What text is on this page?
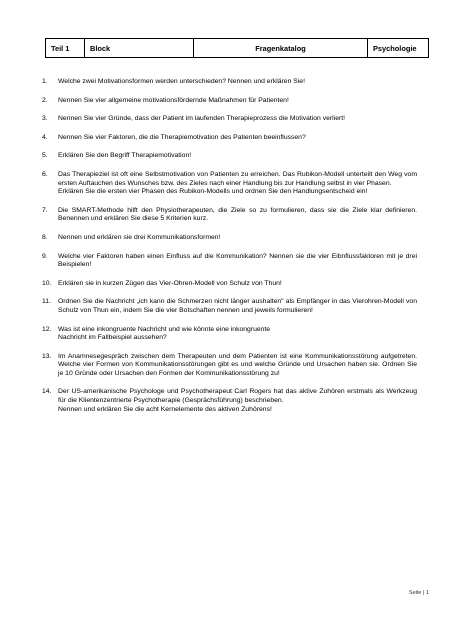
Teil 1	Block	Fragenkatalog	Psychologie
1. Welche zwei Motivationsformen werden unterschieden? Nennen und erklären Sie!
2. Nennen Sie vier allgemeine motivationsfördernde Maßnahmen für Patienten!
3. Nennen Sie vier Gründe, dass der Patient im laufenden Therapieprozess die Motivation verliert!
4. Nennen Sie vier Faktoren, die die Therapiemotivation des Patienten beeinflussen?
5. Erklären Sie den Begriff Therapiemotivation!
6. Das Therapieziel ist oft eine Selbstmotivation von Patienten zu erreichen. Das Rubikon-Modell unterteilt den Weg vom ersten Auftauchen des Wunsches bzw. des Zieles nach einer Handlung bis zur Handlung selbst in vier Phasen.
Erklären Sie die ersten vier Phasen des Rubikon-Modells und ordnen Sie den Handlungsentscheid ein!
7. Die SMART-Methode hilft den Physiotherapeuten, die Ziele so zu formulieren, dass sie die Ziele klar definieren. Benennen und erklären Sie diese 5 Kriterien kurz.
8. Nennen und erklären sie drei Kommunikationsformen!
9. Welche vier Faktoren haben einen Einfluss auf die Kommunikation? Nennen sie die vier Eibnflussfaktoren mit je drei Beispielen!
10. Erklären sie in kurzen Zügen das Vier-Ohren-Modell von Schulz von Thun!
11. Ordnen Sie die Nachricht „ich kann die Schmerzen nicht länger aushalten" als Empfänger in das Vierohren-Modell von Schulz von Thun ein, indem Sie die vier Botschaften nennen und jeweils formulieren!
12. Was ist eine inkongruente Nachricht und wie könnte eine inkongruente
Nachricht im Fallbeispiel aussehen?
13. Im Anamnesegespräch zwischen dem Therapeuten und dem Patienten ist eine Kommunikationsstörung aufgetreten. Welche vier Formen von Kommunikationsstörungen gibt es und welche Gründe und Ursachen haben sie. Ordnen Sie je 10 Gründe oder Ursachen den Formen der Kommunikationsstörung zu!
14. Der US-amerikanische Psychologe und Psychotherapeut Carl Rogers hat das aktive Zuhören erstmals als Werkzeug für die Klientenzentrierte Psychotherapie (Gesprächsführung) beschrieben.
Nennen und erklären Sie die acht Kernelemente des aktiven Zuhörens!
Seite | 1
